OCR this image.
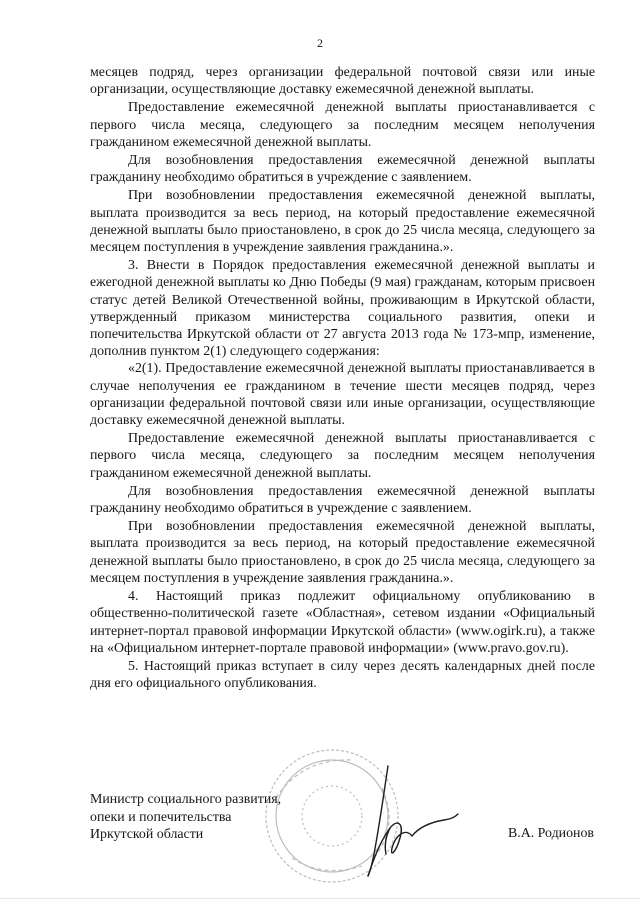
2

месяцев подряд, через организации федеральной почтовой связи или иные организации, осуществляющие доставку ежемесячной денежной выплаты.

Предоставление ежемесячной денежной выплаты приостанавливается с первого числа месяца, следующего за последним месяцем неполучения гражданином ежемесячной денежной выплаты.

Для возобновления предоставления ежемесячной денежной выплаты гражданину необходимо обратиться в учреждение с заявлением.

При возобновлении предоставления ежемесячной денежной выплаты, выплата производится за весь период, на который предоставление ежемесячной денежной выплаты было приостановлено, в срок до 25 числа месяца, следующего за месяцем поступления в учреждение заявления гражданина.».

3. Внести в Порядок предоставления ежемесячной денежной выплаты и ежегодной денежной выплаты ко Дню Победы (9 мая) гражданам, которым присвоен статус детей Великой Отечественной войны, проживающим в Иркутской области, утвержденный приказом министерства социального развития, опеки и попечительства Иркутской области от 27 августа 2013 года № 173-мпр, изменение, дополнив пунктом 2(1) следующего содержания:

«2(1). Предоставление ежемесячной денежной выплаты приостанавливается в случае неполучения ее гражданином в течение шести месяцев подряд, через организации федеральной почтовой связи или иные организации, осуществляющие доставку ежемесячной денежной выплаты.

Предоставление ежемесячной денежной выплаты приостанавливается с первого числа месяца, следующего за последним месяцем неполучения гражданином ежемесячной денежной выплаты.

Для возобновления предоставления ежемесячной денежной выплаты гражданину необходимо обратиться в учреждение с заявлением.

При возобновлении предоставления ежемесячной денежной выплаты, выплата производится за весь период, на который предоставление ежемесячной денежной выплаты было приостановлено, в срок до 25 числа месяца, следующего за месяцем поступления в учреждение заявления гражданина.».

4. Настоящий приказ подлежит официальному опубликованию в общественно-политической газете «Областная», сетевом издании «Официальный интернет-портал правовой информации Иркутской области» (www.ogirk.ru), а также на «Официальном интернет-портале правовой информации» (www.pravo.gov.ru).

5. Настоящий приказ вступает в силу через десять календарных дней после дня его официального опубликования.

Министр социального развития,
опеки и попечительства
Иркутской области	В.А. Родионов
